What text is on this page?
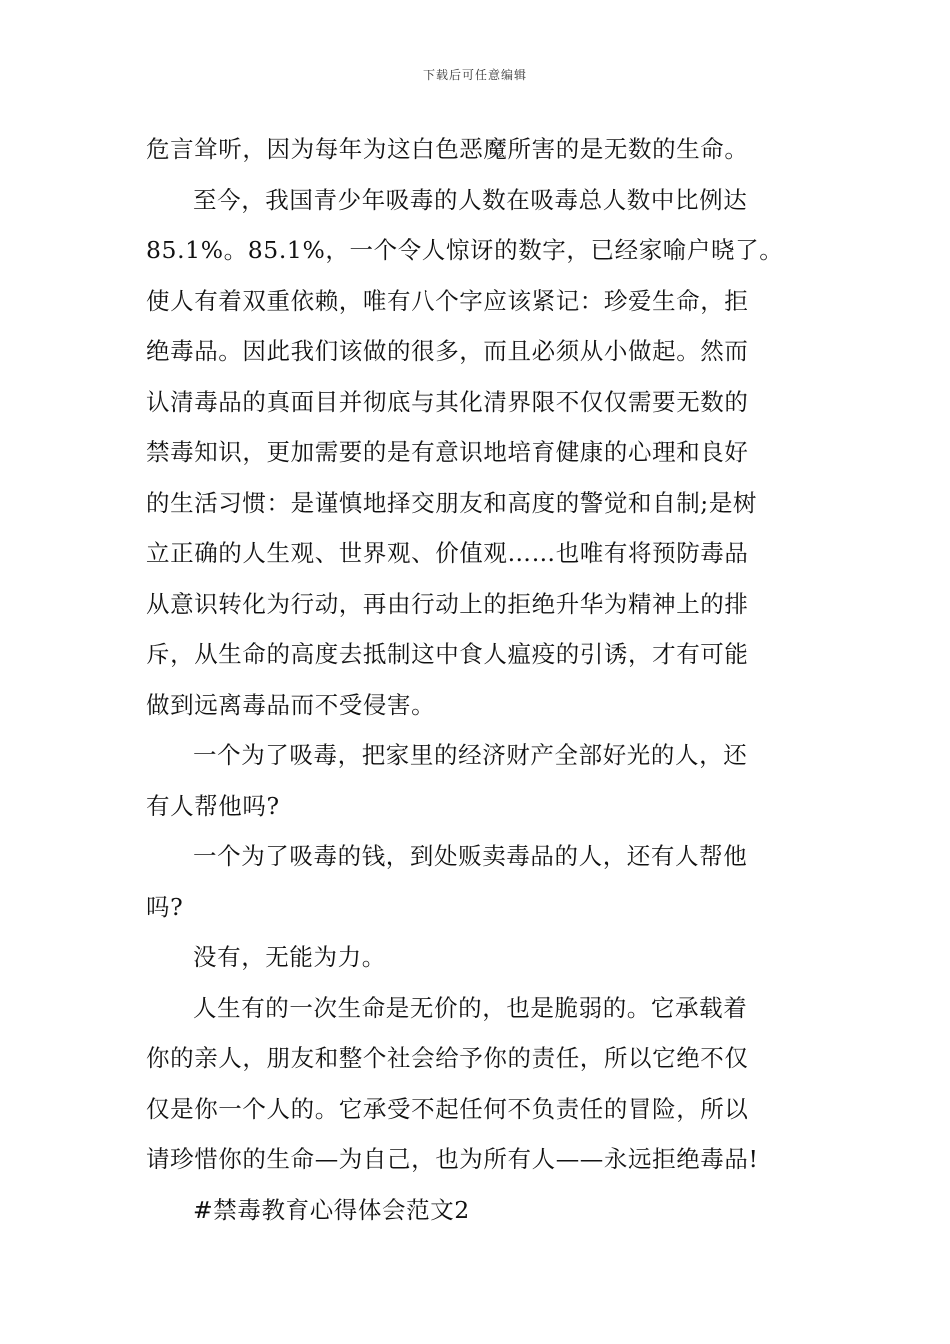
下载后可任意编辑
危言耸听，因为每年为这白色恶魔所害的是无数的生命。
至今，我国青少年吸毒的人数在吸毒总人数中比例达
85.1%。85.1%，一个令人惊讶的数字，已经家喻户晓了。
使人有着双重依赖，唯有八个字应该紧记：珍爱生命，拒
绝毒品。因此我们该做的很多，而且必须从小做起。然而
认清毒品的真面目并彻底与其化清界限不仅仅需要无数的
禁毒知识，更加需要的是有意识地培育健康的心理和良好
的生活习惯：是谨慎地择交朋友和高度的警觉和自制;是树
立正确的人生观、世界观、价值观……也唯有将预防毒品
从意识转化为行动，再由行动上的拒绝升华为精神上的排
斥，从生命的高度去抵制这中食人瘟疫的引诱，才有可能
做到远离毒品而不受侵害。
一个为了吸毒，把家里的经济财产全部好光的人，还
有人帮他吗?
一个为了吸毒的钱，到处贩卖毒品的人，还有人帮他
吗?
没有，无能为力。
人生有的一次生命是无价的，也是脆弱的。它承载着
你的亲人，朋友和整个社会给予你的责任，所以它绝不仅
仅是你一个人的。它承受不起任何不负责任的冒险，所以
请珍惜你的生命—为自己，也为所有人——永远拒绝毒品!
#禁毒教育心得体会范文2
